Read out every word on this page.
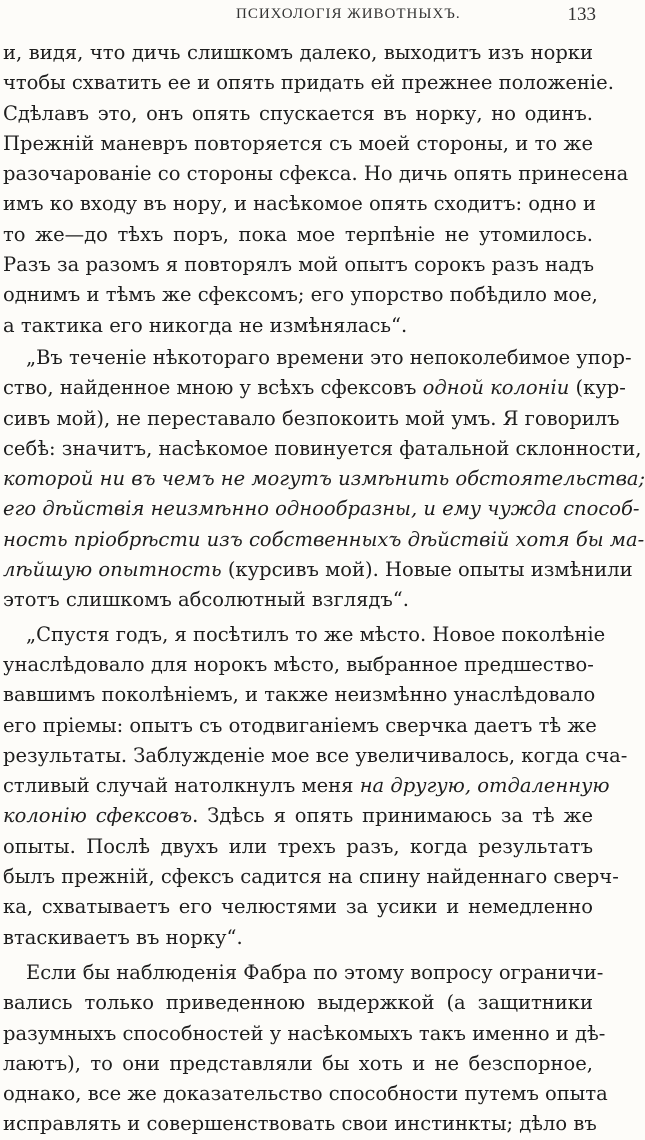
ПСИХОЛОГІЯ ЖИВОТНЫХЪ.	133
и, видя, что дичь слишкомъ далеко, выходитъ изъ норки
чтобы схватить ее и опять придать ей прежнее положеніе.
Сдѣлавъ это, онъ опять спускается въ норку, но одинъ.
Прежній маневръ повторяется съ моей стороны, и то же
разочарованіе со стороны сфекса. Но дичь опять принесена
имъ ко входу въ нору, и насѣкомое опять сходитъ: одно и
то же—до тѣхъ поръ, пока мое терпѣніе не утомилось.
Разъ за разомъ я повторялъ мой опытъ сорокъ разъ надъ
однимъ и тѣмъ же сфексомъ; его упорство побѣдило мое,
а тактика его никогда не измѣнялась“.
„Въ теченіе нѣкотораго времени это непоколебимое упор-
ство, найденное мною у всѣхъ сфексовъ одной колоніи (кур-
сивъ мой), не переставало безпокоить мой умъ. Я говорилъ
себѣ: значитъ, насѣкомое повинуется фатальной склонности,
которой ни въ чемъ не могутъ измѣнить обстоятельства;
его дѣйствія неизмѣнно однообразны, и ему чужда способ-
ность пріобрѣсти изъ собственныхъ дѣйствій хотя бы ма-
лѣйшую опытность (курсивъ мой). Новые опыты измѣнили
этотъ слишкомъ абсолютный взглядъ“.
„Спустя годъ, я посѣтилъ то же мѣсто. Новое поколѣніе
унаслѣдовало для норокъ мѣсто, выбранное предшество-
вавшимъ поколѣніемъ, и также неизмѣнно унаслѣдовало
его пріемы: опытъ съ отодвиганіемъ сверчка даетъ тѣ же
результаты. Заблужденіе мое все увеличивалось, когда сча-
стливый случай натолкнулъ меня на другую, отдаленную
колонію сфексовъ. Здѣсь я опять принимаюсь за тѣ же
опыты. Послѣ двухъ или трехъ разъ, когда результатъ
былъ прежній, сфексъ садится на спину найденнаго сверч-
ка, схватываетъ его челюстями за усики и немедленно
втаскиваетъ въ норку“.
Если бы наблюденія Фабра по этому вопросу ограничи-
вались только приведенною выдержкой (а защитники
разумныхъ способностей у насѣкомыхъ такъ именно и дѣ-
лаютъ), то они представляли бы хоть и не безспорное,
однако, все же доказательство способности путемъ опыта
исправлять и совершенствовать свои инстинкты; дѣло въ
